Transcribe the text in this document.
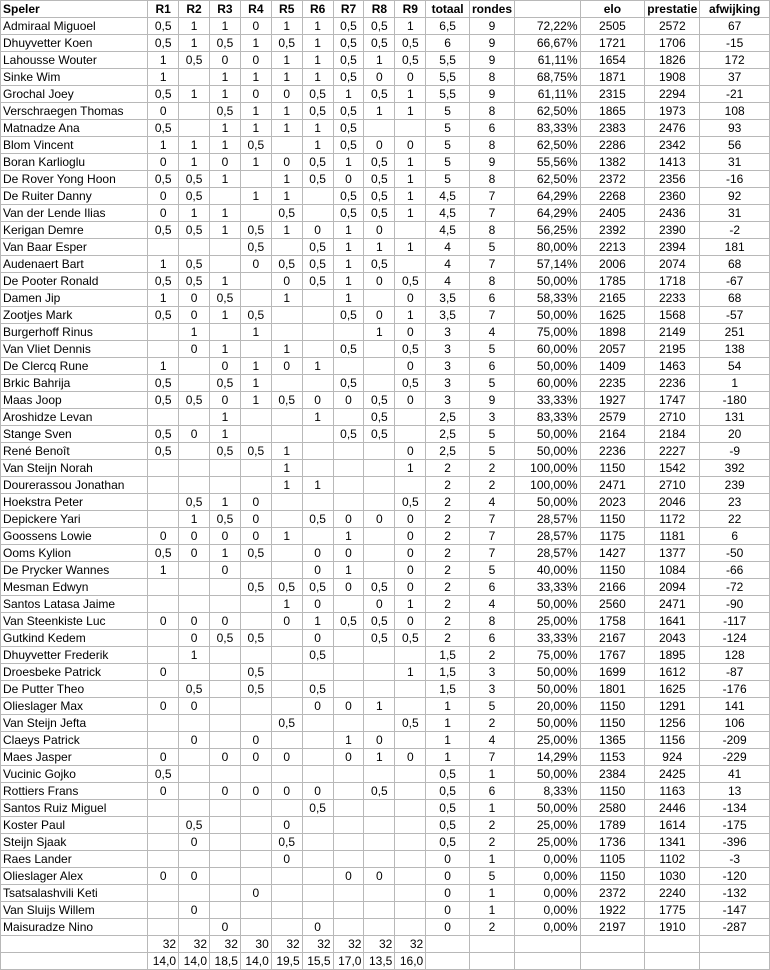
Speler	R1	R2	R3	R4	R5	R6	R7	R8	R9	totaal	rondes		elo	prestatie	afwijking
Admiraal Miguoel	0,5	1	1	0	1	1	0,5	0,5	1	6,5	9	72,22%	2505	2572	67
Dhuyvetter Koen	0,5	1	0,5	1	0,5	1	0,5	0,5	0,5	6	9	66,67%	1721	1706	-15
Lahousse Wouter	1	0,5	0	0	1	1	0,5	1	0,5	5,5	9	61,11%	1654	1826	172
Sinke Wim	1		1	1	1	1	0,5	0	0	5,5	8	68,75%	1871	1908	37
Grochal Joey	0,5	1	1	0	0	0,5	1	0,5	1	5,5	9	61,11%	2315	2294	-21
Verschraegen Thomas	0		0,5	1	1	0,5	0,5	1	1	5	8	62,50%	1865	1973	108
Matnadze Ana	0,5		1	1	1	1	0,5			5	6	83,33%	2383	2476	93
Blom Vincent	1	1	1	0,5		1	0,5	0	0	5	8	62,50%	2286	2342	56
Boran Karlioglu	0	1	0	1	0	0,5	1	0,5	1	5	9	55,56%	1382	1413	31
De Rover Yong Hoon	0,5	0,5	1		1	0,5	0	0,5	1	5	8	62,50%	2372	2356	-16
De Ruiter Danny	0	0,5		1	1		0,5	0,5	1	4,5	7	64,29%	2268	2360	92
Van der Lende Ilias	0	1	1		0,5		0,5	0,5	1	4,5	7	64,29%	2405	2436	31
Kerigan Demre	0,5	0,5	1	0,5	1	0	1	0		4,5	8	56,25%	2392	2390	-2
Van Baar Esper				0,5		0,5	1	1	1	4	5	80,00%	2213	2394	181
Audenaert Bart	1	0,5		0	0,5	0,5	1	0,5		4	7	57,14%	2006	2074	68
De Pooter Ronald	0,5	0,5	1		0	0,5	1	0	0,5	4	8	50,00%	1785	1718	-67
Damen Jip	1	0	0,5		1		1		0	3,5	6	58,33%	2165	2233	68
Zootjes Mark	0,5	0	1	0,5			0,5	0	1	3,5	7	50,00%	1625	1568	-57
Burgerhoff Rinus		1		1				1	0	3	4	75,00%	1898	2149	251
Van Vliet Dennis		0	1		1		0,5		0,5	3	5	60,00%	2057	2195	138
De Clercq Rune	1		0	1	0	1			0	3	6	50,00%	1409	1463	54
Brkic Bahrija	0,5		0,5	1			0,5		0,5	3	5	60,00%	2235	2236	1
Maas Joop	0,5	0,5	0	1	0,5	0	0	0,5	0	3	9	33,33%	1927	1747	-180
Aroshidze Levan			1			1		0,5		2,5	3	83,33%	2579	2710	131
Stange Sven	0,5	0	1				0,5	0,5		2,5	5	50,00%	2164	2184	20
René Benoît	0,5		0,5	0,5	1				0	2,5	5	50,00%	2236	2227	-9
Van Steijn Norah					1				1	2	2	100,00%	1150	1542	392
Dourerassou Jonathan					1	1				2	2	100,00%	2471	2710	239
Hoekstra Peter		0,5	1	0					0,5	2	4	50,00%	2023	2046	23
Depickere Yari		1	0,5	0		0,5	0	0	0	2	7	28,57%	1150	1172	22
Goossens Lowie	0	0	0	0	1		1		0	2	7	28,57%	1175	1181	6
Ooms Kylion	0,5	0	1	0,5		0	0		0	2	7	28,57%	1427	1377	-50
De Prycker Wannes	1		0			0	1		0	2	5	40,00%	1150	1084	-66
Mesman Edwyn				0,5	0,5	0,5	0	0,5	0	2	6	33,33%	2166	2094	-72
Santos Latasa Jaime					1	0		0	1	2	4	50,00%	2560	2471	-90
Van Steenkiste Luc	0	0	0		0	1	0,5	0,5	0	2	8	25,00%	1758	1641	-117
Gutkind Kedem		0	0,5	0,5		0		0,5	0,5	2	6	33,33%	2167	2043	-124
Dhuyvetter Frederik		1				0,5				1,5	2	75,00%	1767	1895	128
Droesbeke Patrick	0			0,5					1	1,5	3	50,00%	1699	1612	-87
De Putter Theo		0,5		0,5		0,5				1,5	3	50,00%	1801	1625	-176
Olieslager Max	0	0				0	0	1		1	5	20,00%	1150	1291	141
Van Steijn Jefta					0,5				0,5	1	2	50,00%	1150	1256	106
Claeys Patrick		0		0			1	0		1	4	25,00%	1365	1156	-209
Maes Jasper	0		0	0	0		0	1	0	1	7	14,29%	1153	924	-229
Vucinic Gojko	0,5									0,5	1	50,00%	2384	2425	41
Rottiers Frans	0		0	0	0	0		0,5		0,5	6	8,33%	1150	1163	13
Santos Ruiz Miguel						0,5				0,5	1	50,00%	2580	2446	-134
Koster Paul		0,5			0					0,5	2	25,00%	1789	1614	-175
Steijn Sjaak		0			0,5					0,5	2	25,00%	1736	1341	-396
Raes Lander					0					0	1	0,00%	1105	1102	-3
Olieslager Alex	0	0					0	0		0	5	0,00%	1150	1030	-120
Tsatsalashvili Keti				0						0	1	0,00%	2372	2240	-132
Van Sluijs Willem		0								0	1	0,00%	1922	1775	-147
Maisuradze Nino			0			0				0	2	0,00%	2197	1910	-287
	32	32	32	30	32	32	32	32	32						
	14,0	14,0	18,5	14,0	19,5	15,5	17,0	13,5	16,0						
